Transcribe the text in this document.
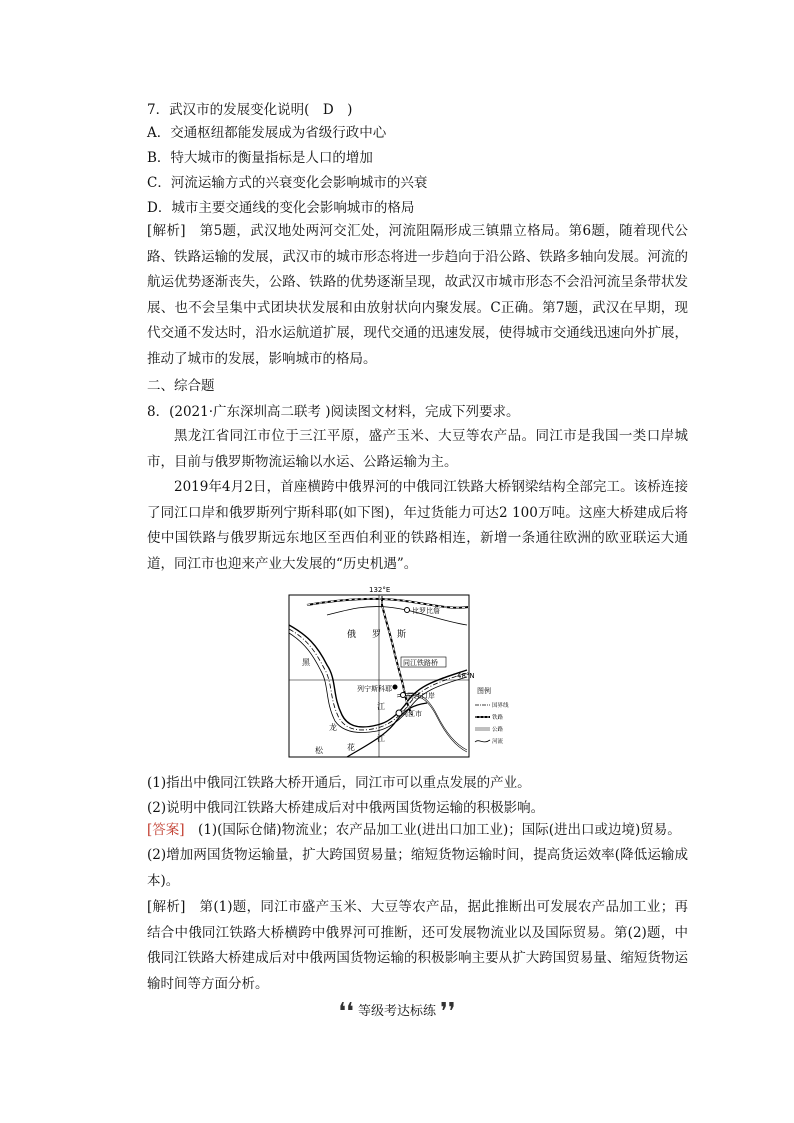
7．武汉市的发展变化说明(　D　)
A．交通枢纽都能发展成为省级行政中心
B．特大城市的衡量指标是人口的增加
C．河流运输方式的兴衰变化会影响城市的兴衰
D．城市主要交通线的变化会影响城市的格局
[解析]　第5题，武汉地处两河交汇处，河流阻隔形成三镇鼎立格局。第6题，随着现代公路、铁路运输的发展，武汉市的城市形态将进一步趋向于沿公路、铁路多轴向发展。河流的航运优势逐渐丧失，公路、铁路的优势逐渐呈现，故武汉市城市形态不会沿河流呈条带状发展、也不会呈集中式团块状发展和由放射状向内聚发展。C正确。第7题，武汉在早期，现代交通不发达时，沿水运航道扩展，现代交通的迅速发展，使得城市交通线迅速向外扩展，推动了城市的发展，影响城市的格局。
二、综合题
8．(2021·广东深圳高二联考 )阅读图文材料，完成下列要求。
黑龙江省同江市位于三江平原，盛产玉米、大豆等农产品。同江市是我国一类口岸城市，目前与俄罗斯物流运输以水运、公路运输为主。
2019年4月2日，首座横跨中俄界河的中俄同江铁路大桥钢梁结构全部完工。该桥连接了同江口岸和俄罗斯列宁斯科耶(如下图)，年过货能力可达2 100万吨。这座大桥建成后将使中国铁路与俄罗斯远东地区至西伯利亚的铁路相连，新增一条通往欧洲的欧亚联运大通道，同江市也迎来产业大发展的“历史机遇”。
132°E
48°N
比罗比詹
同江铁路桥
列宁斯科耶
同江口岸
同江市
俄 罗 斯
黑
龙
江
江
松	花
图例
国界线
铁路
公路
河流
(1)指出中俄同江铁路大桥开通后，同江市可以重点发展的产业。
(2)说明中俄同江铁路大桥建成后对中俄两国货物运输的积极影响。
[答案]　(1)(国际仓储)物流业；农产品加工业(进出口加工业)；国际(进出口或边境)贸易。
(2)增加两国货物运输量，扩大跨国贸易量；缩短货物运输时间，提高货运效率(降低运输成本)。
[解析]　第(1)题，同江市盛产玉米、大豆等农产品，据此推断出可发展农产品加工业；再结合中俄同江铁路大桥横跨中俄界河可推断，还可发展物流业以及国际贸易。第(2)题，中俄同江铁路大桥建成后对中俄两国货物运输的积极影响主要从扩大跨国贸易量、缩短货物运输时间等方面分析。
❛❛ 等级考达标练 ❜❜
